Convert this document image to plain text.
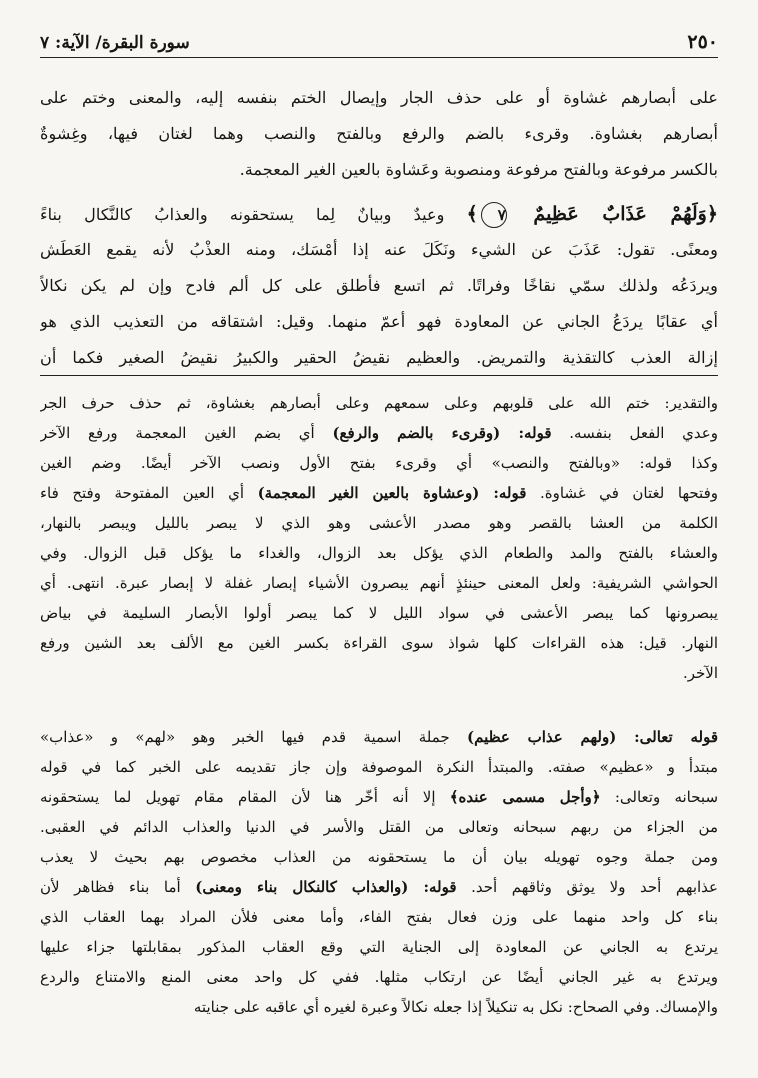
٢٥٠
سورة البقرة/ الآية: ٧
على أبصارهم غشاوة أو على حذف الجار وإيصال الختم بنفسه إليه، والمعنى وختم على
أبصارهم بغشاوة. وقرىء بالضم والرفع وبالفتح والنصب وهما لغتان فيها، وغِشوةٌ
بالكسر مرفوعة وبالفتح مرفوعة ومنصوبة وعَشاوة بالعين الغير المعجمة.
﴿وَلَهُمْ عَذَابٌ عَظِيمٌ ٧﴾ وعيدٌ وبيانٌ لِما يستحقونه والعذابُ كالنَّكال بناءً
ومعنًى. تقول: عَذَبَ عن الشيء ونَكَلَ عنه إذا أمْسَك، ومنه العذْبُ لأنه يقمع العَطَش
ويردَعُه ولذلك سمّي نقاخًا وفراتًا. ثم اتسع فأطلق على كل ألم فادح وإن لم يكن نكالاً
أي عقابًا يردَعُ الجاني عن المعاودة فهو أعمّ منهما. وقيل: اشتقاقه من التعذيب الذي هو
إزالة العذب كالتقذية والتمريض. والعظيم نقيضُ الحقير والكبيرُ نقيضُ الصغير فكما أن
والتقدير: ختم الله على قلوبهم وعلى سمعهم وعلى أبصارهم بغشاوة، ثم حذف حرف الجر
وعدي الفعل بنفسه. قوله: (وقرىء بالضم والرفع) أي بضم الغين المعجمة ورفع الآخر
وكذا قوله: «وبالفتح والنصب» أي وقرىء بفتح الأول ونصب الآخر أيضًا. وضم الغين
وفتحها لغتان في غشاوة. قوله: (وعشاوة بالعين الغير المعجمة) أي العين المفتوحة وفتح فاء
الكلمة من العشا بالقصر وهو مصدر الأعشى وهو الذي لا يبصر بالليل ويبصر بالنهار،
والعشاء بالفتح والمد والطعام الذي يؤكل بعد الزوال، والغداء ما يؤكل قبل الزوال. وفي
الحواشي الشريفية: ولعل المعنى حينئذٍ أنهم يبصرون الأشياء إبصار غفلة لا إبصار عبرة. انتهى. أي
يبصرونها كما يبصر الأعشى في سواد الليل لا كما يبصر أولوا الأبصار السليمة في بياض
النهار. قيل: هذه القراءات كلها شواذ سوى القراءة بكسر الغين مع الألف بعد الشين ورفع
الآخر.
قوله تعالى: (ولهم عذاب عظيم) جملة اسمية قدم فيها الخبر وهو «لهم» و «عذاب»
مبتدأ و «عظيم» صفته. والمبتدأ النكرة الموصوفة وإن جاز تقديمه على الخبر كما في قوله
سبحانه وتعالى: ﴿وأجل مسمى عنده﴾ إلا أنه أخّر هنا لأن المقام مقام تهويل لما يستحقونه
من الجزاء من ربهم سبحانه وتعالى من القتل والأسر في الدنيا والعذاب الدائم في العقبى.
ومن جملة وجوه تهويله بيان أن ما يستحقونه من العذاب مخصوص بهم بحيث لا يعذب
عذابهم أحد ولا يوثق وثاقهم أحد. قوله: (والعذاب كالنكال بناء ومعنى) أما بناء فظاهر لأن
بناء كل واحد منهما على وزن فعال بفتح الفاء، وأما معنى فلأن المراد بهما العقاب الذي
يرتدع به الجاني عن المعاودة إلى الجناية التي وقع العقاب المذكور بمقابلتها جزاء عليها
ويرتدع به غير الجاني أيضًا عن ارتكاب مثلها. ففي كل واحد معنى المنع والامتناع والردع
والإمساك. وفي الصحاح: نكل به تنكيلاً إذا جعله نكالاً وعبرة لغيره أي عاقبه على جنايته
